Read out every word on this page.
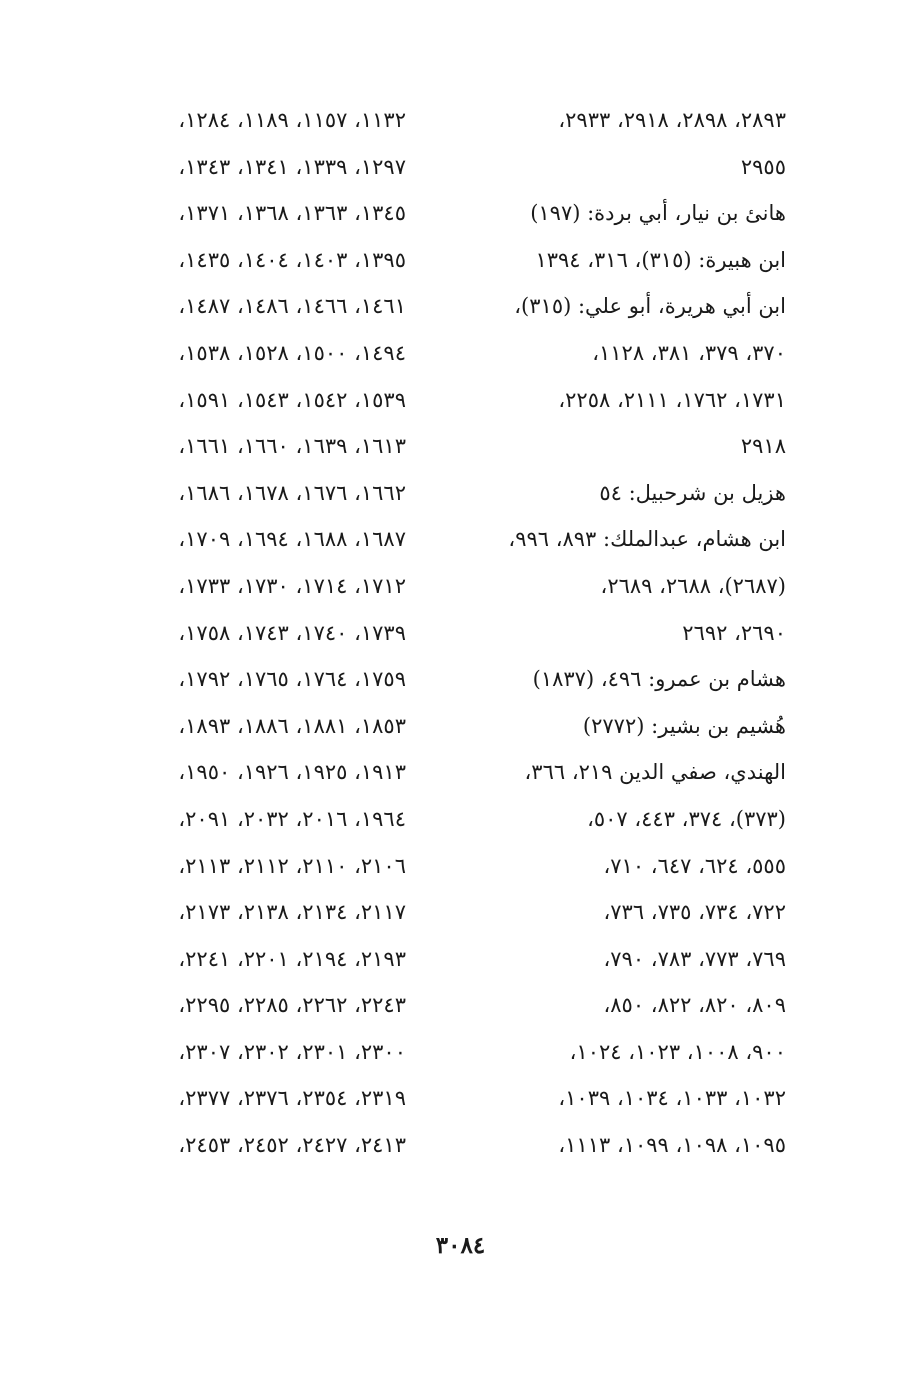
٢٨٩٣، ٢٨٩٨، ٢٩١٨، ٢٩٣٣،
٢٩٥٥
هانئ بن نيار، أبي بردة: (١٩٧)
ابن هبيرة: (٣١٥)، ٣١٦، ١٣٩٤
ابن أبي هريرة، أبو علي: (٣١٥)،
٣٧٠، ٣٧٩، ٣٨١، ١١٢٨،
١٧٣١، ١٧٦٢، ٢١١١، ٢٢٥٨،
٢٩١٨
هزيل بن شرحبيل: ٥٤
ابن هشام، عبدالملك: ٨٩٣، ٩٩٦،
(٢٦٨٧)، ٢٦٨٨، ٢٦٨٩،
٢٦٩٠، ٢٦٩٢
هشام بن عمرو: ٤٩٦، (١٨٣٧)
هُشيم بن بشير: (٢٧٧٢)
الهندي، صفي الدين ٢١٩، ٣٦٦،
(٣٧٣)، ٣٧٤، ٤٤٣، ٥٠٧،
٥٥٥، ٦٢٤، ٦٤٧، ٧١٠،
٧٢٢، ٧٣٤، ٧٣٥، ٧٣٦،
٧٦٩، ٧٧٣، ٧٨٣، ٧٩٠،
٨٠٩، ٨٢٠، ٨٢٢، ٨٥٠،
٩٠٠، ١٠٠٨، ١٠٢٣، ١٠٢٤،
١٠٣٢، ١٠٣٣، ١٠٣٤، ١٠٣٩،
١٠٩٥، ١٠٩٨، ١٠٩٩، ١١١٣،
١١٣٢، ١١٥٧، ١١٨٩، ١٢٨٤،
١٢٩٧، ١٣٣٩، ١٣٤١، ١٣٤٣،
١٣٤٥، ١٣٦٣، ١٣٦٨، ١٣٧١،
١٣٩٥، ١٤٠٣، ١٤٠٤، ١٤٣٥،
١٤٦١، ١٤٦٦، ١٤٨٦، ١٤٨٧،
١٤٩٤، ١٥٠٠، ١٥٢٨، ١٥٣٨،
١٥٣٩، ١٥٤٢، ١٥٤٣، ١٥٩١،
١٦١٣، ١٦٣٩، ١٦٦٠، ١٦٦١،
١٦٦٢، ١٦٧٦، ١٦٧٨، ١٦٨٦،
١٦٨٧، ١٦٨٨، ١٦٩٤، ١٧٠٩،
١٧١٢، ١٧١٤، ١٧٣٠، ١٧٣٣،
١٧٣٩، ١٧٤٠، ١٧٤٣، ١٧٥٨،
١٧٥٩، ١٧٦٤، ١٧٦٥، ١٧٩٢،
١٨٥٣، ١٨٨١، ١٨٨٦، ١٨٩٣،
١٩١٣، ١٩٢٥، ١٩٢٦، ١٩٥٠،
١٩٦٤، ٢٠١٦، ٢٠٣٢، ٢٠٩١،
٢١٠٦، ٢١١٠، ٢١١٢، ٢١١٣،
٢١١٧، ٢١٣٤، ٢١٣٨، ٢١٧٣،
٢١٩٣، ٢١٩٤، ٢٢٠١، ٢٢٤١،
٢٢٤٣، ٢٢٦٢، ٢٢٨٥، ٢٢٩٥،
٢٣٠٠، ٢٣٠١، ٢٣٠٢، ٢٣٠٧،
٢٣١٩، ٢٣٥٤، ٢٣٧٦، ٢٣٧٧،
٢٤١٣، ٢٤٢٧، ٢٤٥٢، ٢٤٥٣،
٣٠٨٤
